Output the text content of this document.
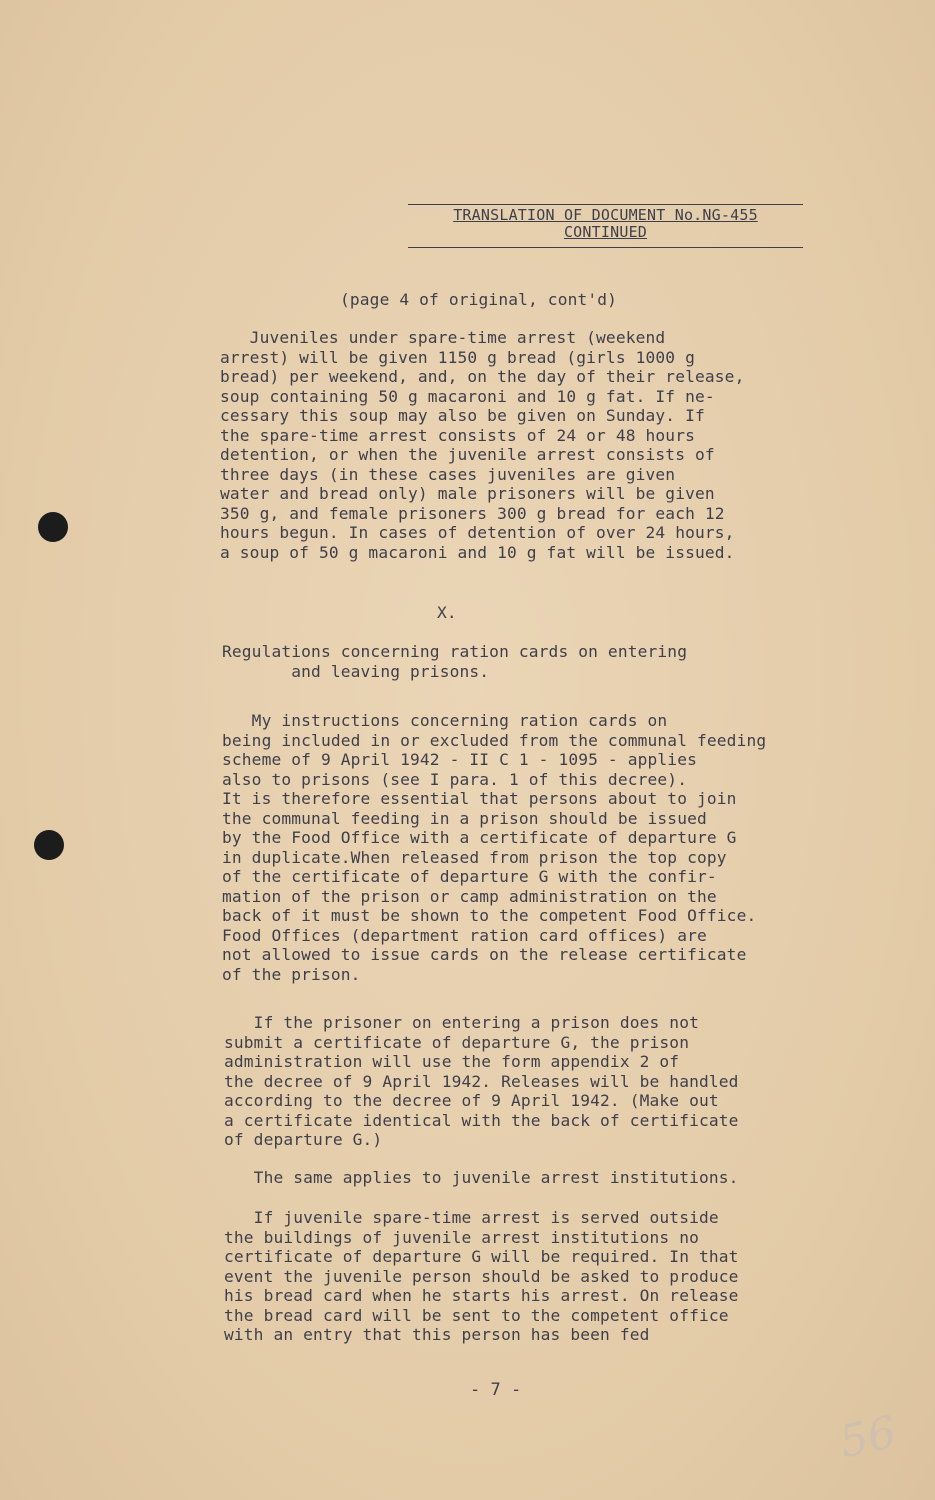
TRANSLATION OF DOCUMENT No.NG-455
CONTINUED
(page 4 of original, cont'd)
Juveniles under spare-time arrest (weekend
arrest) will be given 1150 g bread (girls 1000 g
bread) per weekend, and, on the day of their release,
soup containing 50 g macaroni and 10 g fat. If ne-
cessary this soup may also be given on Sunday. If
the spare-time arrest consists of 24 or 48 hours
detention, or when the juvenile arrest consists of
three days (in these cases juveniles are given
water and bread only) male prisoners will be given
350 g, and female prisoners 300 g bread for each 12
hours begun. In cases of detention of over 24 hours,
a soup of 50 g macaroni and 10 g fat will be issued.
X.
Regulations concerning ration cards on entering
and leaving prisons.
My instructions concerning ration cards on
being included in or excluded from the communal feeding
scheme of 9 April 1942 - II C 1 - 1095 - applies
also to prisons (see I para. 1 of this decree).
It is therefore essential that persons about to join
the communal feeding in a prison should be issued
by the Food Office with a certificate of departure G
in duplicate.When released from prison the top copy
of the certificate of departure G with the confir-
mation of the prison or camp administration on the
back of it must be shown to the competent Food Office.
Food Offices (department ration card offices) are
not allowed to issue cards on the release certificate
of the prison.
If the prisoner on entering a prison does not
submit a certificate of departure G, the prison
administration will use the form appendix 2 of
the decree of 9 April 1942. Releases will be handled
according to the decree of 9 April 1942. (Make out
a certificate identical with the back of certificate
of departure G.)
The same applies to juvenile arrest institutions.
If juvenile spare-time arrest is served outside
the buildings of juvenile arrest institutions no
certificate of departure G will be required. In that
event the juvenile person should be asked to produce
his bread card when he starts his arrest. On release
the bread card will be sent to the competent office
with an entry that this person has been fed
- 7 -
56
